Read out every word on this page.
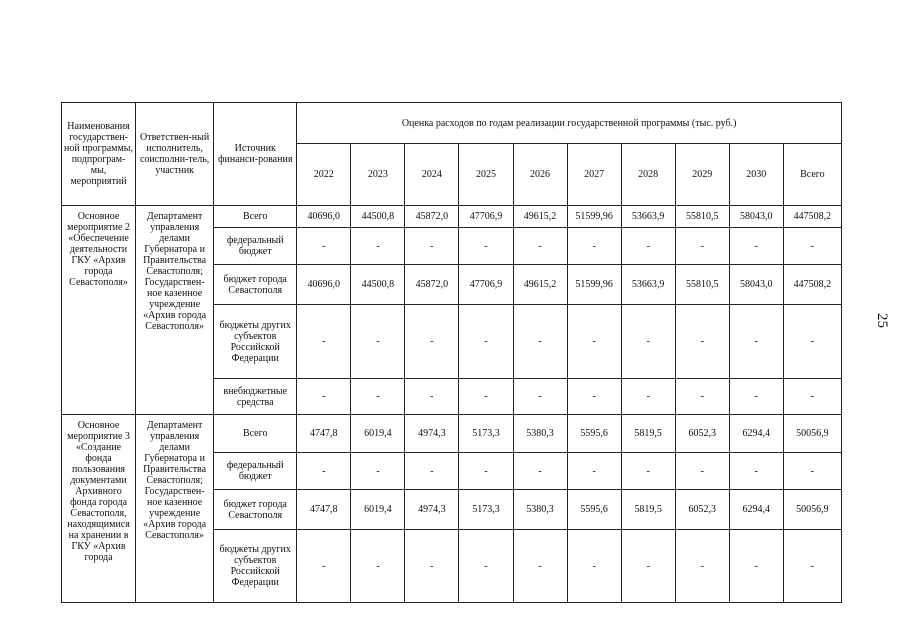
Наименования государствен-ной программы, подпрограм-мы, мероприятий	Ответствен-ный исполнитель, соисполни-тель, участник	Источник финанси-рования	Оценка расходов по годам реализации государственной программы (тыс. руб.)									
			2022	2023	2024	2025	2026	2027	2028	2029	2030	Всего
Основное мероприятие 2 «Обеспечение деятельности ГКУ «Архив города Севастополя»	Департамент управления делами Губернатора и Правительства Севастополя; Государствен-ное казенное учреждение «Архив города Севастополя»	Всего	40696,0	44500,8	45872,0	47706,9	49615,2	51599,96	53663,9	55810,5	58043,0	447508,2
		федеральный бюджет	-	-	-	-	-	-	-	-	-	-
		бюджет города Севастополя	40696,0	44500,8	45872,0	47706,9	49615,2	51599,96	53663,9	55810,5	58043,0	447508,2
		бюджеты других субъектов Российской Федерации	-	-	-	-	-	-	-	-	-	-
		внебюджетные средства	-	-	-	-	-	-	-	-	-	-
Основное мероприятие 3 «Создание фонда пользования документами Архивного фонда города Севастополя, находящимися на хранении в ГКУ «Архив города	Департамент управления делами Губернатора и Правительства Севастополя; Государствен-ное казенное учреждение «Архив города Севастополя»	Всего	4747,8	6019,4	4974,3	5173,3	5380,3	5595,6	5819,5	6052,3	6294,4	50056,9
		федеральный бюджет	-	-	-	-	-	-	-	-	-	-
		бюджет города Севастополя	4747,8	6019,4	4974,3	5173,3	5380,3	5595,6	5819,5	6052,3	6294,4	50056,9
		бюджеты других субъектов Российской Федерации	-	-	-	-	-	-	-	-	-	-
25
